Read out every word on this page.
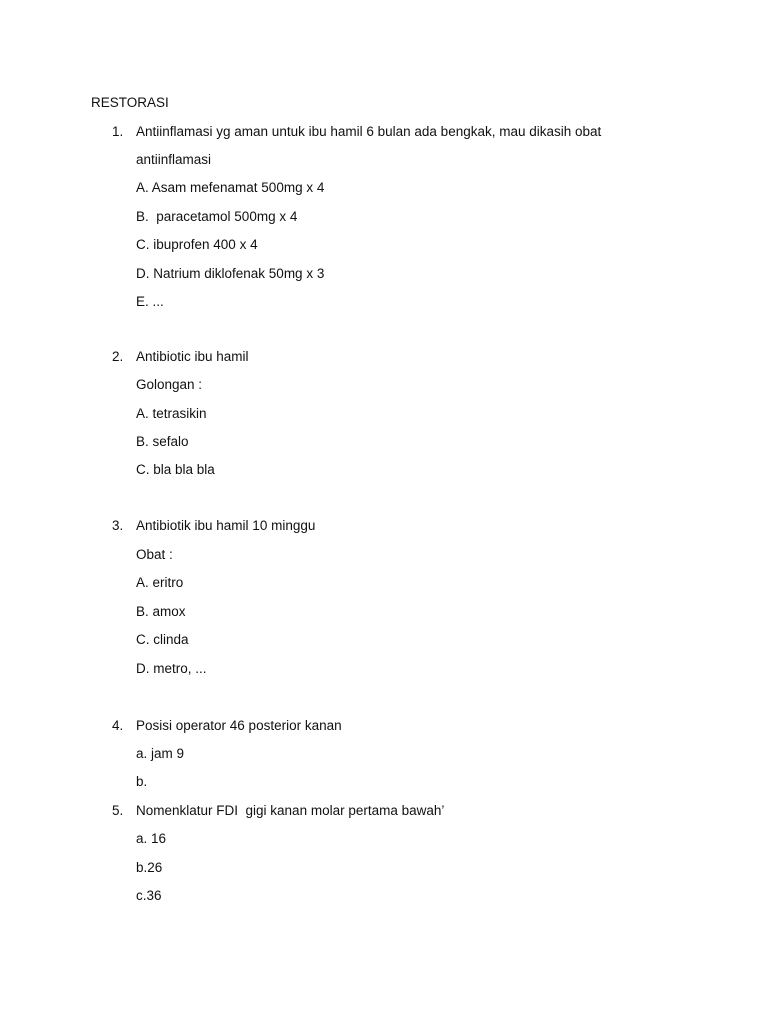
RESTORASI
1. Antiinflamasi yg aman untuk ibu hamil 6 bulan ada bengkak, mau dikasih obat
antiinflamasi
A. Asam mefenamat 500mg x 4
B.  paracetamol 500mg x 4
C. ibuprofen 400 x 4
D. Natrium diklofenak 50mg x 3
E. ...
2. Antibiotic ibu hamil
Golongan :
A. tetrasikin
B. sefalo
C. bla bla bla
3. Antibiotik ibu hamil 10 minggu
Obat :
A. eritro
B. amox
C. clinda
D. metro, ...
4. Posisi operator 46 posterior kanan
a. jam 9
b.
5. Nomenklatur FDI  gigi kanan molar pertama bawah’
a. 16
b.26
c.36
